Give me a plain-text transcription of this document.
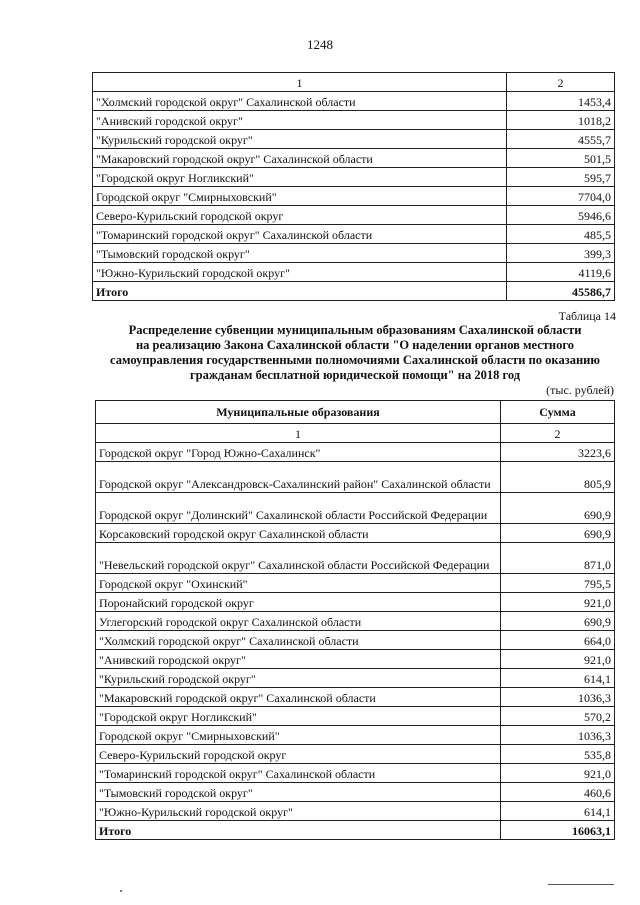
1248
1	2
"Холмский городской округ" Сахалинской области	1453,4
"Анивский городской округ"	1018,2
"Курильский городской округ"	4555,7
"Макаровский городской округ" Сахалинской области	501,5
"Городской округ Ногликский"	595,7
Городской округ "Смирныховский"	7704,0
Северо-Курильский городской округ	5946,6
"Томаринский городской округ" Сахалинской области	485,5
"Тымовский городской округ"	399,3
"Южно-Курильский городской округ"	4119,6
Итого	45586,7
Таблица 14
Распределение субвенции муниципальным образованиям Сахалинской области
на реализацию Закона Сахалинской области "О наделении органов местного
самоуправления государственными полномочиями Сахалинской области по оказанию
гражданам бесплатной юридической помощи" на 2018 год
(тыс. рублей)
Муниципальные образования	Сумма
1	2
Городской округ "Город Южно-Сахалинск"	3223,6
Городской округ "Александровск-Сахалинский район" Сахалинской области	805,9
Городской округ "Долинский" Сахалинской области Российской Федерации	690,9
Корсаковский городской округ Сахалинской области	690,9
"Невельский городской округ" Сахалинской области Российской Федерации	871,0
Городской округ "Охинский"	795,5
Поронайский городской округ	921,0
Углегорский городской округ Сахалинской области	690,9
"Холмский городской округ" Сахалинской области	664,0
"Анивский городской округ"	921,0
"Курильский городской округ"	614,1
"Макаровский городской округ" Сахалинской области	1036,3
"Городской округ Ногликский"	570,2
Городской округ "Смирныховский"	1036,3
Северо-Курильский городской округ	535,8
"Томаринский городской округ" Сахалинской области	921,0
"Тымовский городской округ"	460,6
"Южно-Курильский городской округ"	614,1
Итого	16063,1
